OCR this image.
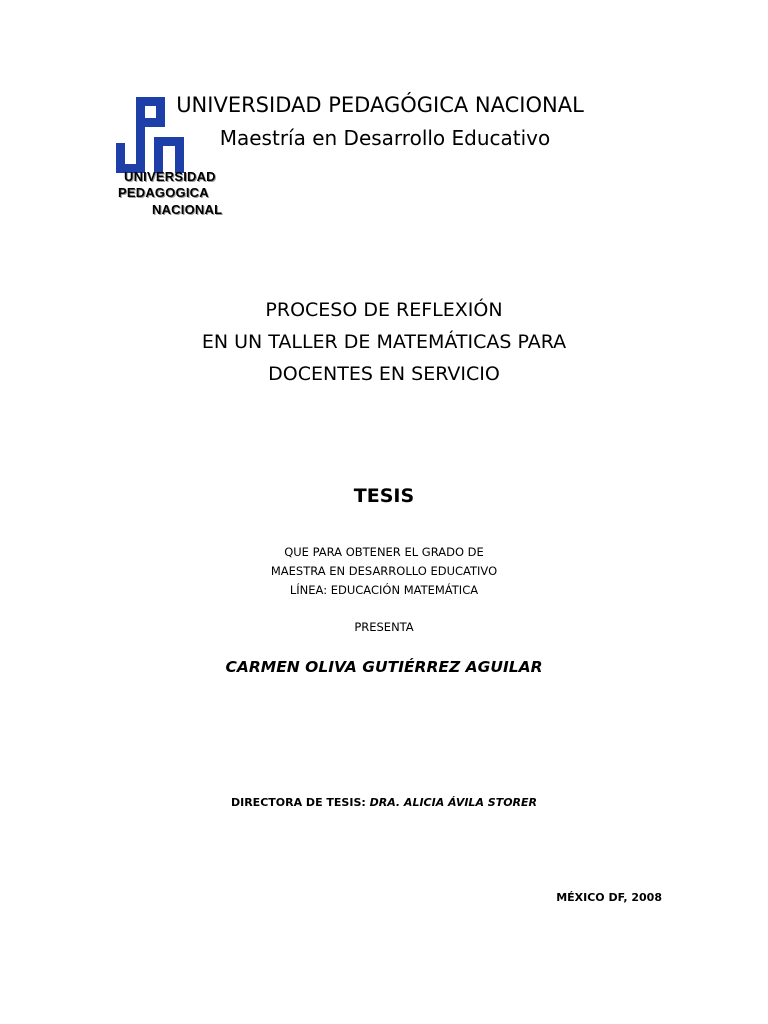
UNIVERSIDAD
PEDAGOGICA
NACIONAL
UNIVERSIDAD PEDAGÓGICA NACIONAL
Maestría en Desarrollo Educativo
PROCESO DE REFLEXIÓN
EN UN TALLER DE MATEMÁTICAS PARA
DOCENTES EN SERVICIO
TESIS
QUE PARA OBTENER EL GRADO DE
MAESTRA EN DESARROLLO EDUCATIVO
LÍNEA: EDUCACIÓN MATEMÁTICA
PRESENTA
CARMEN OLIVA GUTIÉRREZ AGUILAR
DIRECTORA DE TESIS: DRA. ALICIA ÁVILA STORER
MÉXICO DF, 2008
